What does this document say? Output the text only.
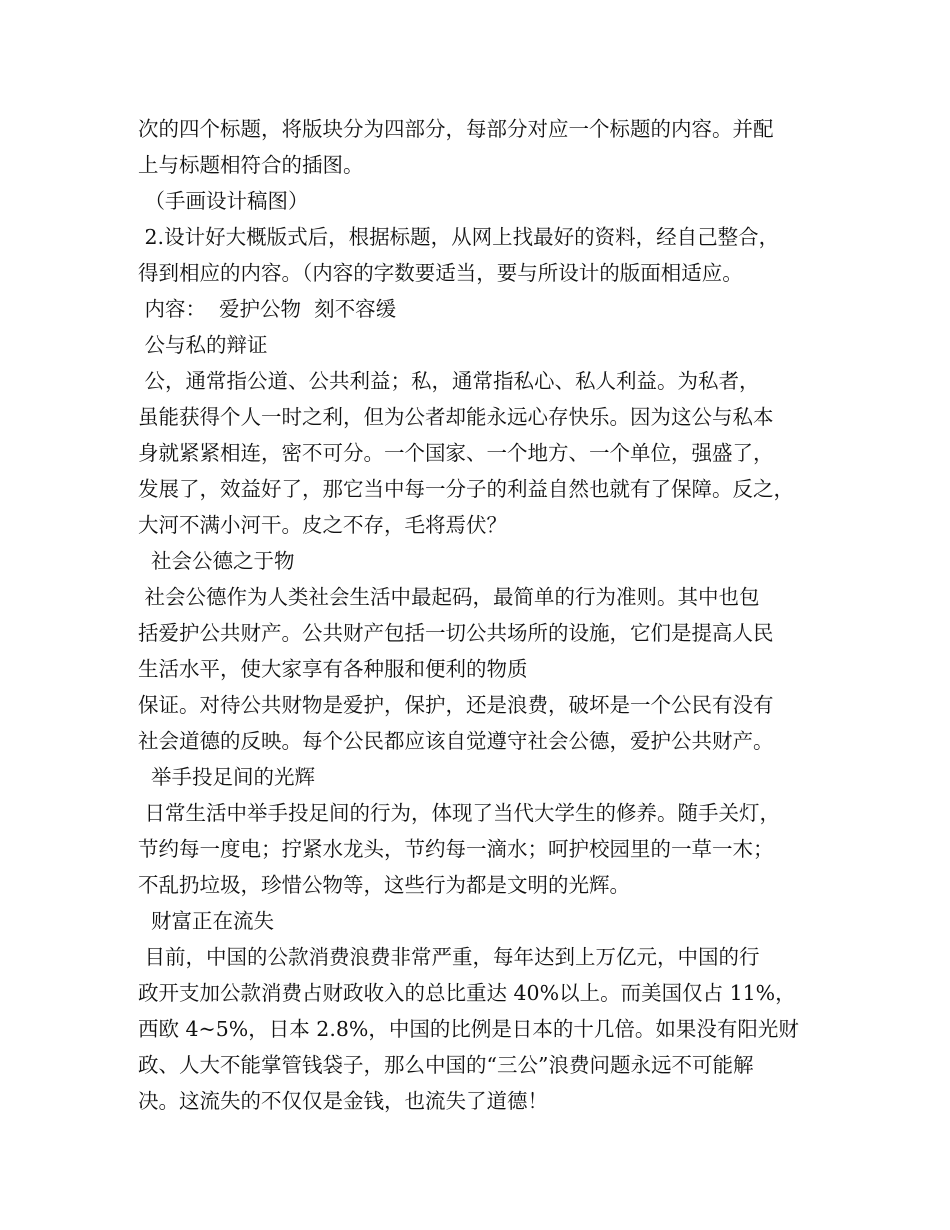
次的四个标题，将版块分为四部分，每部分对应一个标题的内容。并配
上与标题相符合的插图。
（手画设计稿图）
2.设计好大概版式后，根据标题，从网上找最好的资料，经自己整合，
得到相应的内容。（内容的字数要适当，要与所设计的版面相适应。
内容：  爱护公物  刻不容缓
公与私的辩证
公，通常指公道、公共利益；私，通常指私心、私人利益。为私者，
虽能获得个人一时之利，但为公者却能永远心存快乐。因为这公与私本
身就紧紧相连，密不可分。一个国家、一个地方、一个单位，强盛了，
发展了，效益好了，那它当中每一分子的利益自然也就有了保障。反之，
大河不满小河干。皮之不存，毛将焉伏？
社会公德之于物
社会公德作为人类社会生活中最起码，最简单的行为准则。其中也包
括爱护公共财产。公共财产包括一切公共场所的设施，它们是提高人民
生活水平，使大家享有各种服和便利的物质
保证。对待公共财物是爱护，保护，还是浪费，破坏是一个公民有没有
社会道德的反映。每个公民都应该自觉遵守社会公德，爱护公共财产。
举手投足间的光辉
日常生活中举手投足间的行为，体现了当代大学生的修养。随手关灯，
节约每一度电；拧紧水龙头，节约每一滴水；呵护校园里的一草一木；
不乱扔垃圾，珍惜公物等，这些行为都是文明的光辉。
财富正在流失
目前，中国的公款消费浪费非常严重，每年达到上万亿元，中国的行
政开支加公款消费占财政收入的总比重达 40%以上。而美国仅占 11%，
西欧 4~5%，日本 2.8%，中国的比例是日本的十几倍。如果没有阳光财
政、人大不能掌管钱袋子，那么中国的“三公”浪费问题永远不可能解
决。这流失的不仅仅是金钱，也流失了道德！
